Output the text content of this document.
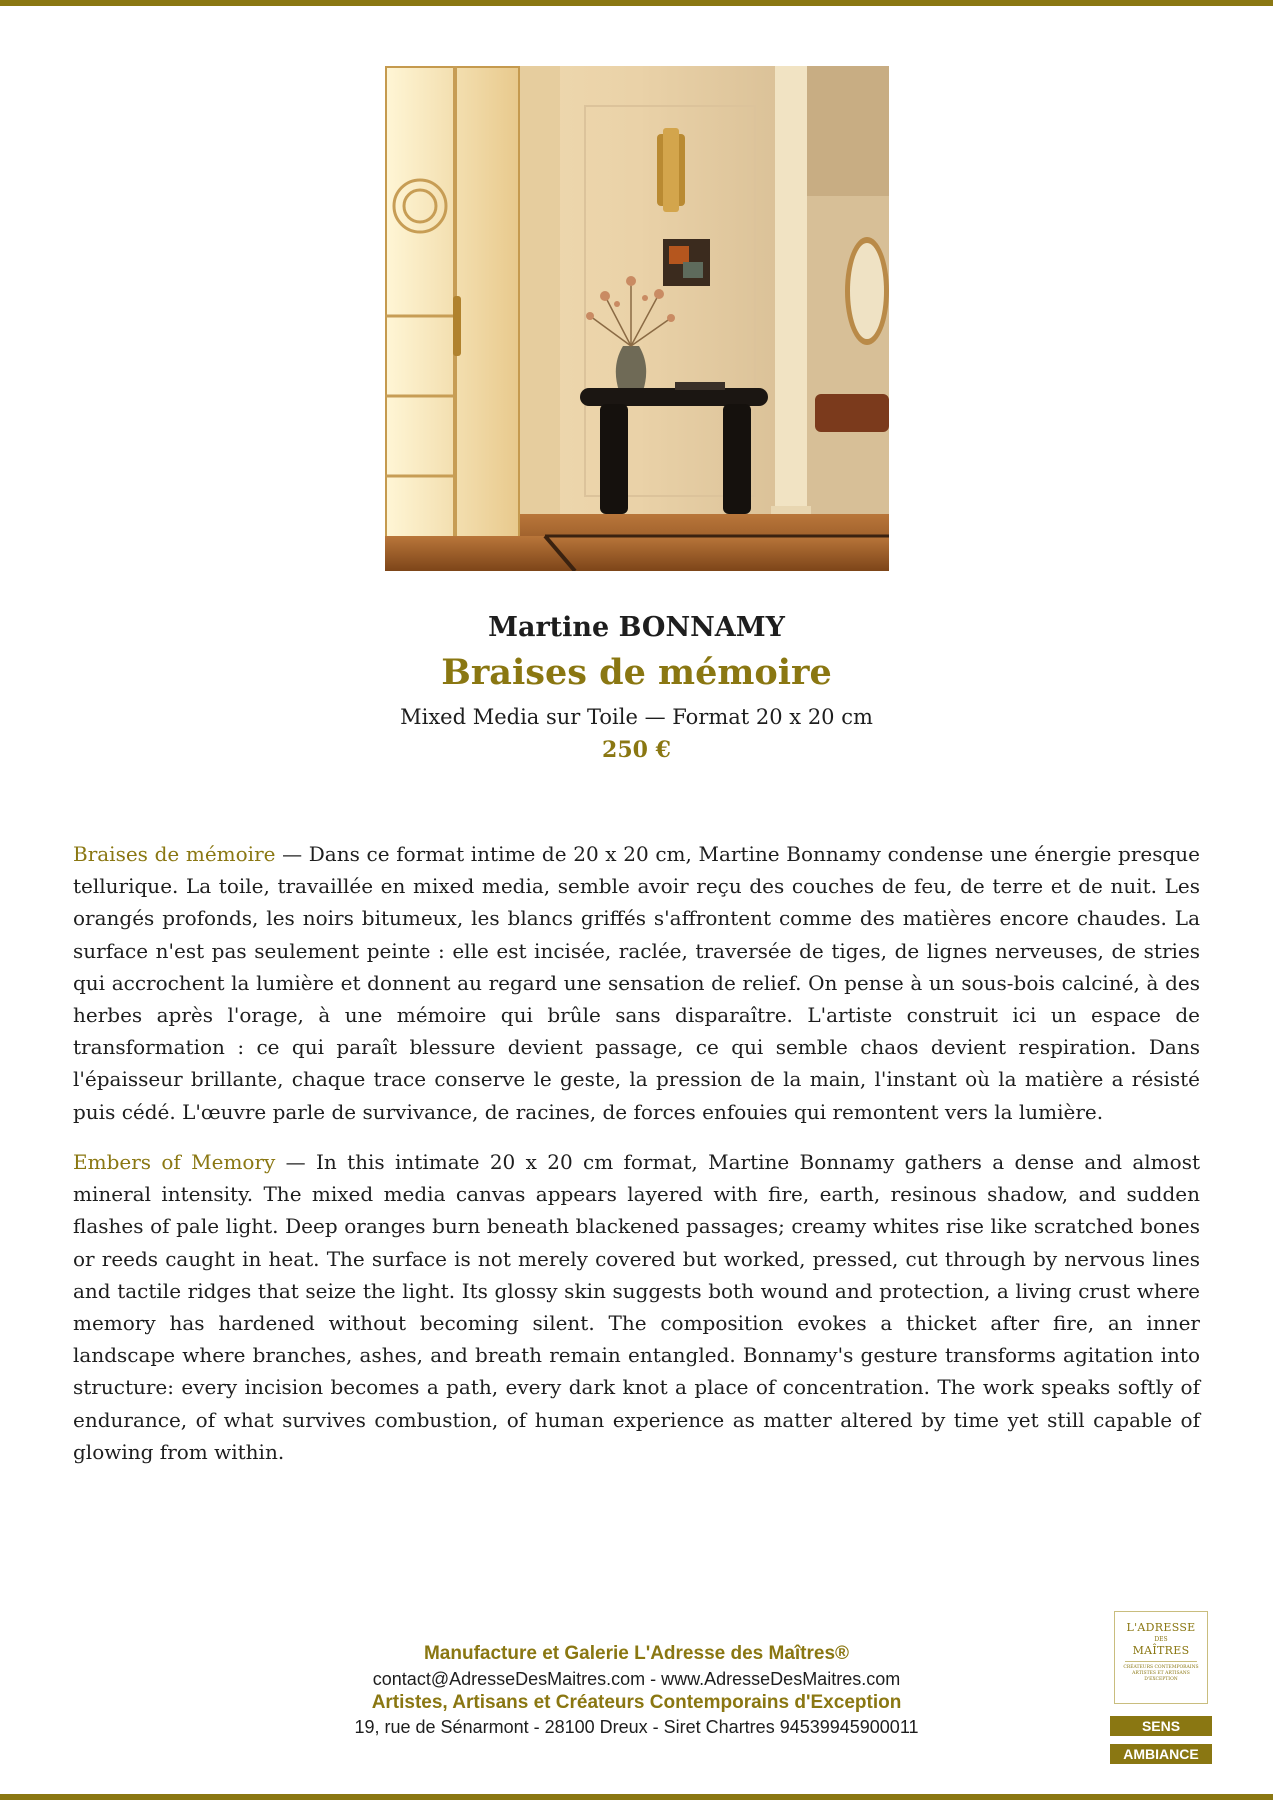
Martine BONNAMY
Braises de mémoire
Mixed Media sur Toile — Format 20 x 20 cm
250 €

Braises de mémoire — Dans ce format intime de 20 x 20 cm, Martine Bonnamy condense une énergie presque tellurique. La toile, travaillée en mixed media, semble avoir reçu des couches de feu, de terre et de nuit. Les orangés profonds, les noirs bitumeux, les blancs griffés s'affrontent comme des matières encore chaudes. La surface n'est pas seulement peinte : elle est incisée, raclée, traversée de tiges, de lignes nerveuses, de stries qui accrochent la lumière et donnent au regard une sensation de relief. On pense à un sous-bois calciné, à des herbes après l'orage, à une mémoire qui brûle sans disparaître. L'artiste construit ici un espace de transformation : ce qui paraît blessure devient passage, ce qui semble chaos devient respiration. Dans l'épaisseur brillante, chaque trace conserve le geste, la pression de la main, l'instant où la matière a résisté puis cédé. L'œuvre parle de survivance, de racines, de forces enfouies qui remontent vers la lumière.

Embers of Memory — In this intimate 20 x 20 cm format, Martine Bonnamy gathers a dense and almost mineral intensity. The mixed media canvas appears layered with fire, earth, resinous shadow, and sudden flashes of pale light. Deep oranges burn beneath blackened passages; creamy whites rise like scratched bones or reeds caught in heat. The surface is not merely covered but worked, pressed, cut through by nervous lines and tactile ridges that seize the light. Its glossy skin suggests both wound and protection, a living crust where memory has hardened without becoming silent. The composition evokes a thicket after fire, an inner landscape where branches, ashes, and breath remain entangled. Bonnamy's gesture transforms agitation into structure: every incision becomes a path, every dark knot a place of concentration. The work speaks softly of endurance, of what survives combustion, of human experience as matter altered by time yet still capable of glowing from within.

Manufacture et Galerie L'Adresse des Maîtres®
contact@AdresseDesMaitres.com - www.AdresseDesMaitres.com
Artistes, Artisans et Créateurs Contemporains d'Exception
19, rue de Sénarmont - 28100 Dreux - Siret Chartres 94539945900011
L'ADRESSE
DES
MAÎTRES
CRÉATEURS CONTEMPORAINS ARTISTES ET ARTISANS D'EXCEPTION
SENS
AMBIANCE
